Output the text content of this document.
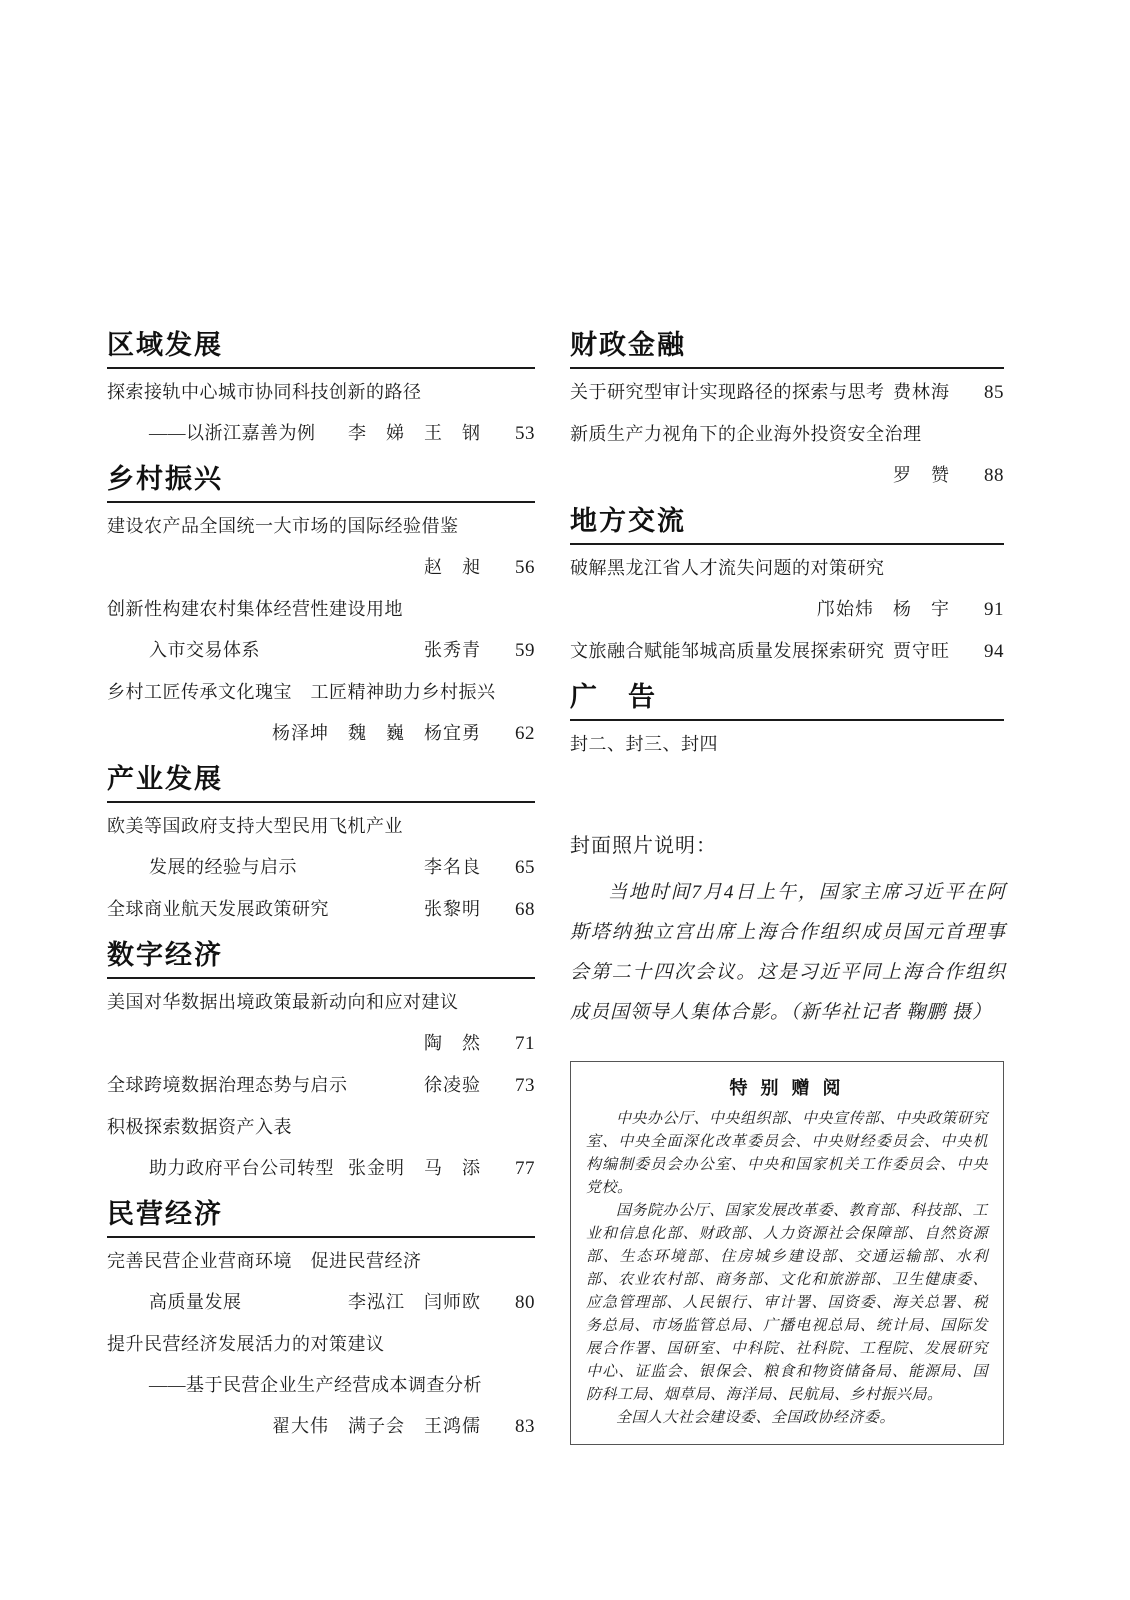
区域发展
探索接轨中心城市协同科技创新的路径
——以浙江嘉善为例 李　娣　王　钢	53
乡村振兴
建设农产品全国统一大市场的国际经验借鉴
赵　昶	56
创新性构建农村集体经营性建设用地
入市交易体系	张秀青	59
乡村工匠传承文化瑰宝　工匠精神助力乡村振兴
杨泽坤　魏　巍　杨宜勇	62
产业发展
欧美等国政府支持大型民用飞机产业
发展的经验与启示	李名良	65
全球商业航天发展政策研究	张黎明	68
数字经济
美国对华数据出境政策最新动向和应对建议
陶　然	71
全球跨境数据治理态势与启示	徐凌验	73
积极探索数据资产入表
助力政府平台公司转型 张金明　马　添	77
民营经济
完善民营企业营商环境　促进民营经济
高质量发展	李泓江　闫师欧	80
提升民营经济发展活力的对策建议
——基于民营企业生产经营成本调查分析
翟大伟　满子会　王鸿儒	83
财政金融
关于研究型审计实现路径的探索与思考 费林海	85
新质生产力视角下的企业海外投资安全治理
罗　赞	88
地方交流
破解黑龙江省人才流失问题的对策研究
邝始炜　杨　宇	91
文旅融合赋能邹城高质量发展探索研究 贾守旺	94
广　告
封二、封三、封四
封面照片说明：
当地时间7月4日上午，国家主席习近平在阿斯塔纳独立宫出席上海合作组织成员国元首理事会第二十四次会议。这是习近平同上海合作组织成员国领导人集体合影。（新华社记者 鞠鹏 摄）
特 别 赠 阅

中央办公厅、中央组织部、中央宣传部、中央政策研究室、中央全面深化改革委员会、中央财经委员会、中央机构编制委员会办公室、中央和国家机关工作委员会、中央党校。

国务院办公厅、国家发展改革委、教育部、科技部、工业和信息化部、财政部、人力资源社会保障部、自然资源部、生态环境部、住房城乡建设部、交通运输部、水利部、农业农村部、商务部、文化和旅游部、卫生健康委、应急管理部、人民银行、审计署、国资委、海关总署、税务总局、市场监管总局、广播电视总局、统计局、国际发展合作署、国研室、中科院、社科院、工程院、发展研究中心、证监会、银保会、粮食和物资储备局、能源局、国防科工局、烟草局、海洋局、民航局、乡村振兴局。

全国人大社会建设委、全国政协经济委。
